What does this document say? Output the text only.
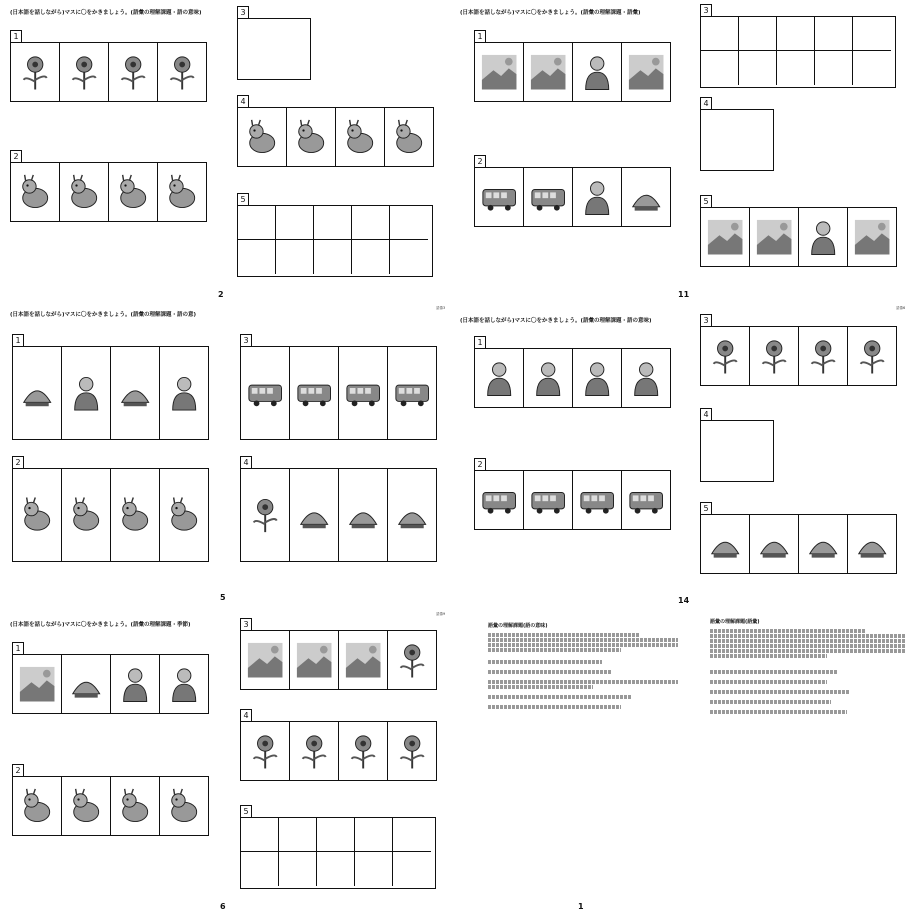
(日本語を話しながら)マスに〇をかきましょう。(語彙の理解課題・語の意味)
1
2
3
4
5
2
(日本語を話しながら)マスに〇をかきましょう。(語彙の理解課題・語彙)
1
2
3
4
5
11
(日本語を話しながら)マスに〇をかきましょう。(語彙の理解課題・語の意)
語彙3
1
2
3
4
5
(日本語を話しながら)マスに〇をかきましょう。(語彙の理解課題・語の意味)
語彙6
1
2
3
4
5
14
(日本語を話しながら)マスに〇をかきましょう。(語彙の理解課題・季節)
語彙9
1
2
3
4
5
6
語彙の理解課題(語の意味)
語彙の理解課題(語彙)
1
